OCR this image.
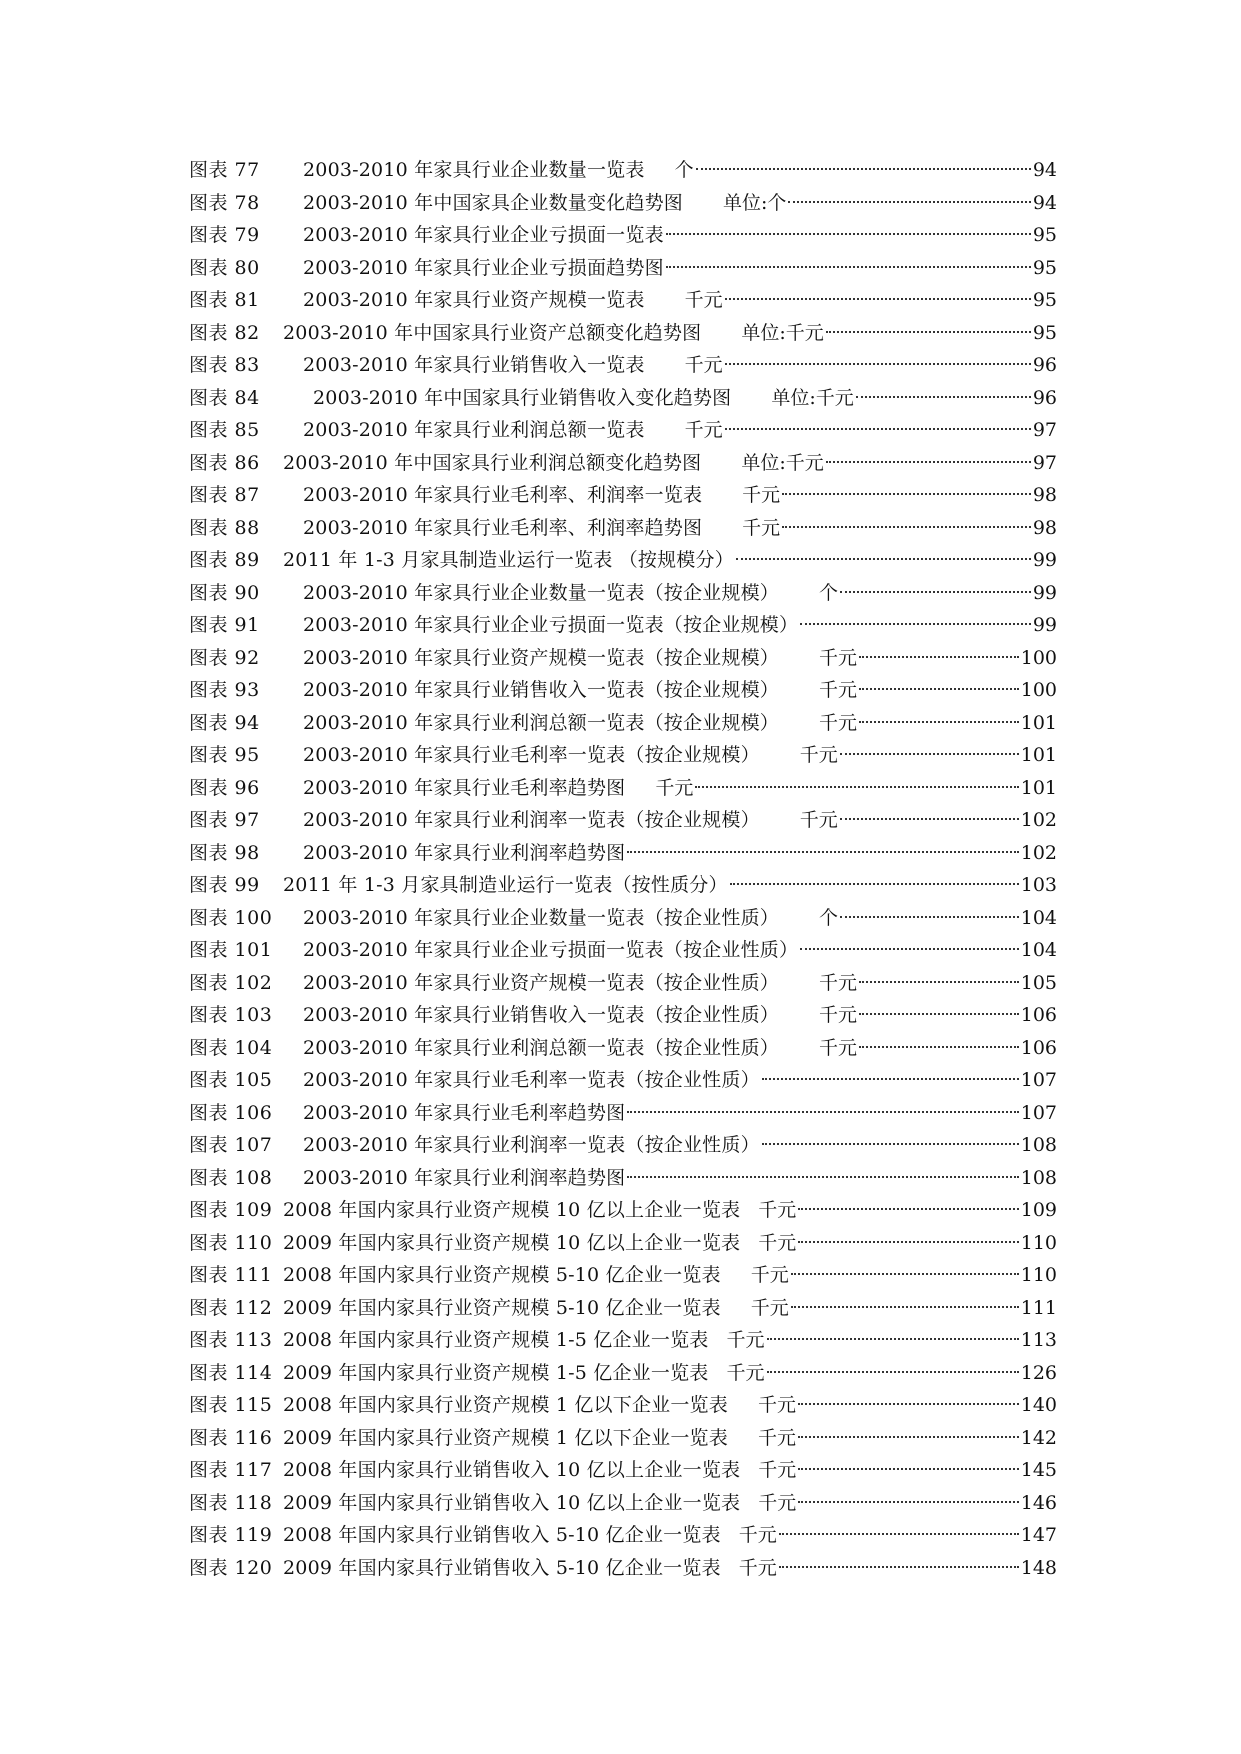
图表 77	2003-2010 年家具行业企业数量一览表 个	94
图表 78	2003-2010 年中国家具企业数量变化趋势图 单位:个	94
图表 79	2003-2010 年家具行业企业亏损面一览表	95
图表 80	2003-2010 年家具行业企业亏损面趋势图	95
图表 81	2003-2010 年家具行业资产规模一览表 千元	95
图表 82	2003-2010 年中国家具行业资产总额变化趋势图 单位:千元	95
图表 83	2003-2010 年家具行业销售收入一览表 千元	96
图表 84	2003-2010 年中国家具行业销售收入变化趋势图 单位:千元	96
图表 85	2003-2010 年家具行业利润总额一览表 千元	97
图表 86	2003-2010 年中国家具行业利润总额变化趋势图 单位:千元	97
图表 87	2003-2010 年家具行业毛利率、利润率一览表 千元	98
图表 88	2003-2010 年家具行业毛利率、利润率趋势图 千元	98
图表 89	2011 年 1-3 月家具制造业运行一览表 （按规模分）	99
图表 90	2003-2010 年家具行业企业数量一览表（按企业规模） 个	99
图表 91	2003-2010 年家具行业企业亏损面一览表（按企业规模）	99
图表 92	2003-2010 年家具行业资产规模一览表（按企业规模） 千元	100
图表 93	2003-2010 年家具行业销售收入一览表（按企业规模） 千元	100
图表 94	2003-2010 年家具行业利润总额一览表（按企业规模） 千元	101
图表 95	2003-2010 年家具行业毛利率一览表（按企业规模） 千元	101
图表 96	2003-2010 年家具行业毛利率趋势图 千元	101
图表 97	2003-2010 年家具行业利润率一览表（按企业规模） 千元	102
图表 98	2003-2010 年家具行业利润率趋势图	102
图表 99	2011 年 1-3 月家具制造业运行一览表（按性质分）	103
图表 100	2003-2010 年家具行业企业数量一览表（按企业性质） 个	104
图表 101	2003-2010 年家具行业企业亏损面一览表（按企业性质）	104
图表 102	2003-2010 年家具行业资产规模一览表（按企业性质） 千元	105
图表 103	2003-2010 年家具行业销售收入一览表（按企业性质） 千元	106
图表 104	2003-2010 年家具行业利润总额一览表（按企业性质） 千元	106
图表 105	2003-2010 年家具行业毛利率一览表（按企业性质）	107
图表 106	2003-2010 年家具行业毛利率趋势图	107
图表 107	2003-2010 年家具行业利润率一览表（按企业性质）	108
图表 108	2003-2010 年家具行业利润率趋势图	108
图表 109 2008 年国内家具行业资产规模 10 亿以上企业一览表 千元	109
图表 110 2009 年国内家具行业资产规模 10 亿以上企业一览表 千元	110
图表 111 2008 年国内家具行业资产规模 5-10 亿企业一览表 千元	110
图表 112 2009 年国内家具行业资产规模 5-10 亿企业一览表 千元	111
图表 113 2008 年国内家具行业资产规模 1-5 亿企业一览表 千元	113
图表 114 2009 年国内家具行业资产规模 1-5 亿企业一览表 千元	126
图表 115 2008 年国内家具行业资产规模 1 亿以下企业一览表 千元	140
图表 116 2009 年国内家具行业资产规模 1 亿以下企业一览表 千元	142
图表 117 2008 年国内家具行业销售收入 10 亿以上企业一览表 千元	145
图表 118 2009 年国内家具行业销售收入 10 亿以上企业一览表 千元	146
图表 119 2008 年国内家具行业销售收入 5-10 亿企业一览表 千元	147
图表 120 2009 年国内家具行业销售收入 5-10 亿企业一览表 千元	148
